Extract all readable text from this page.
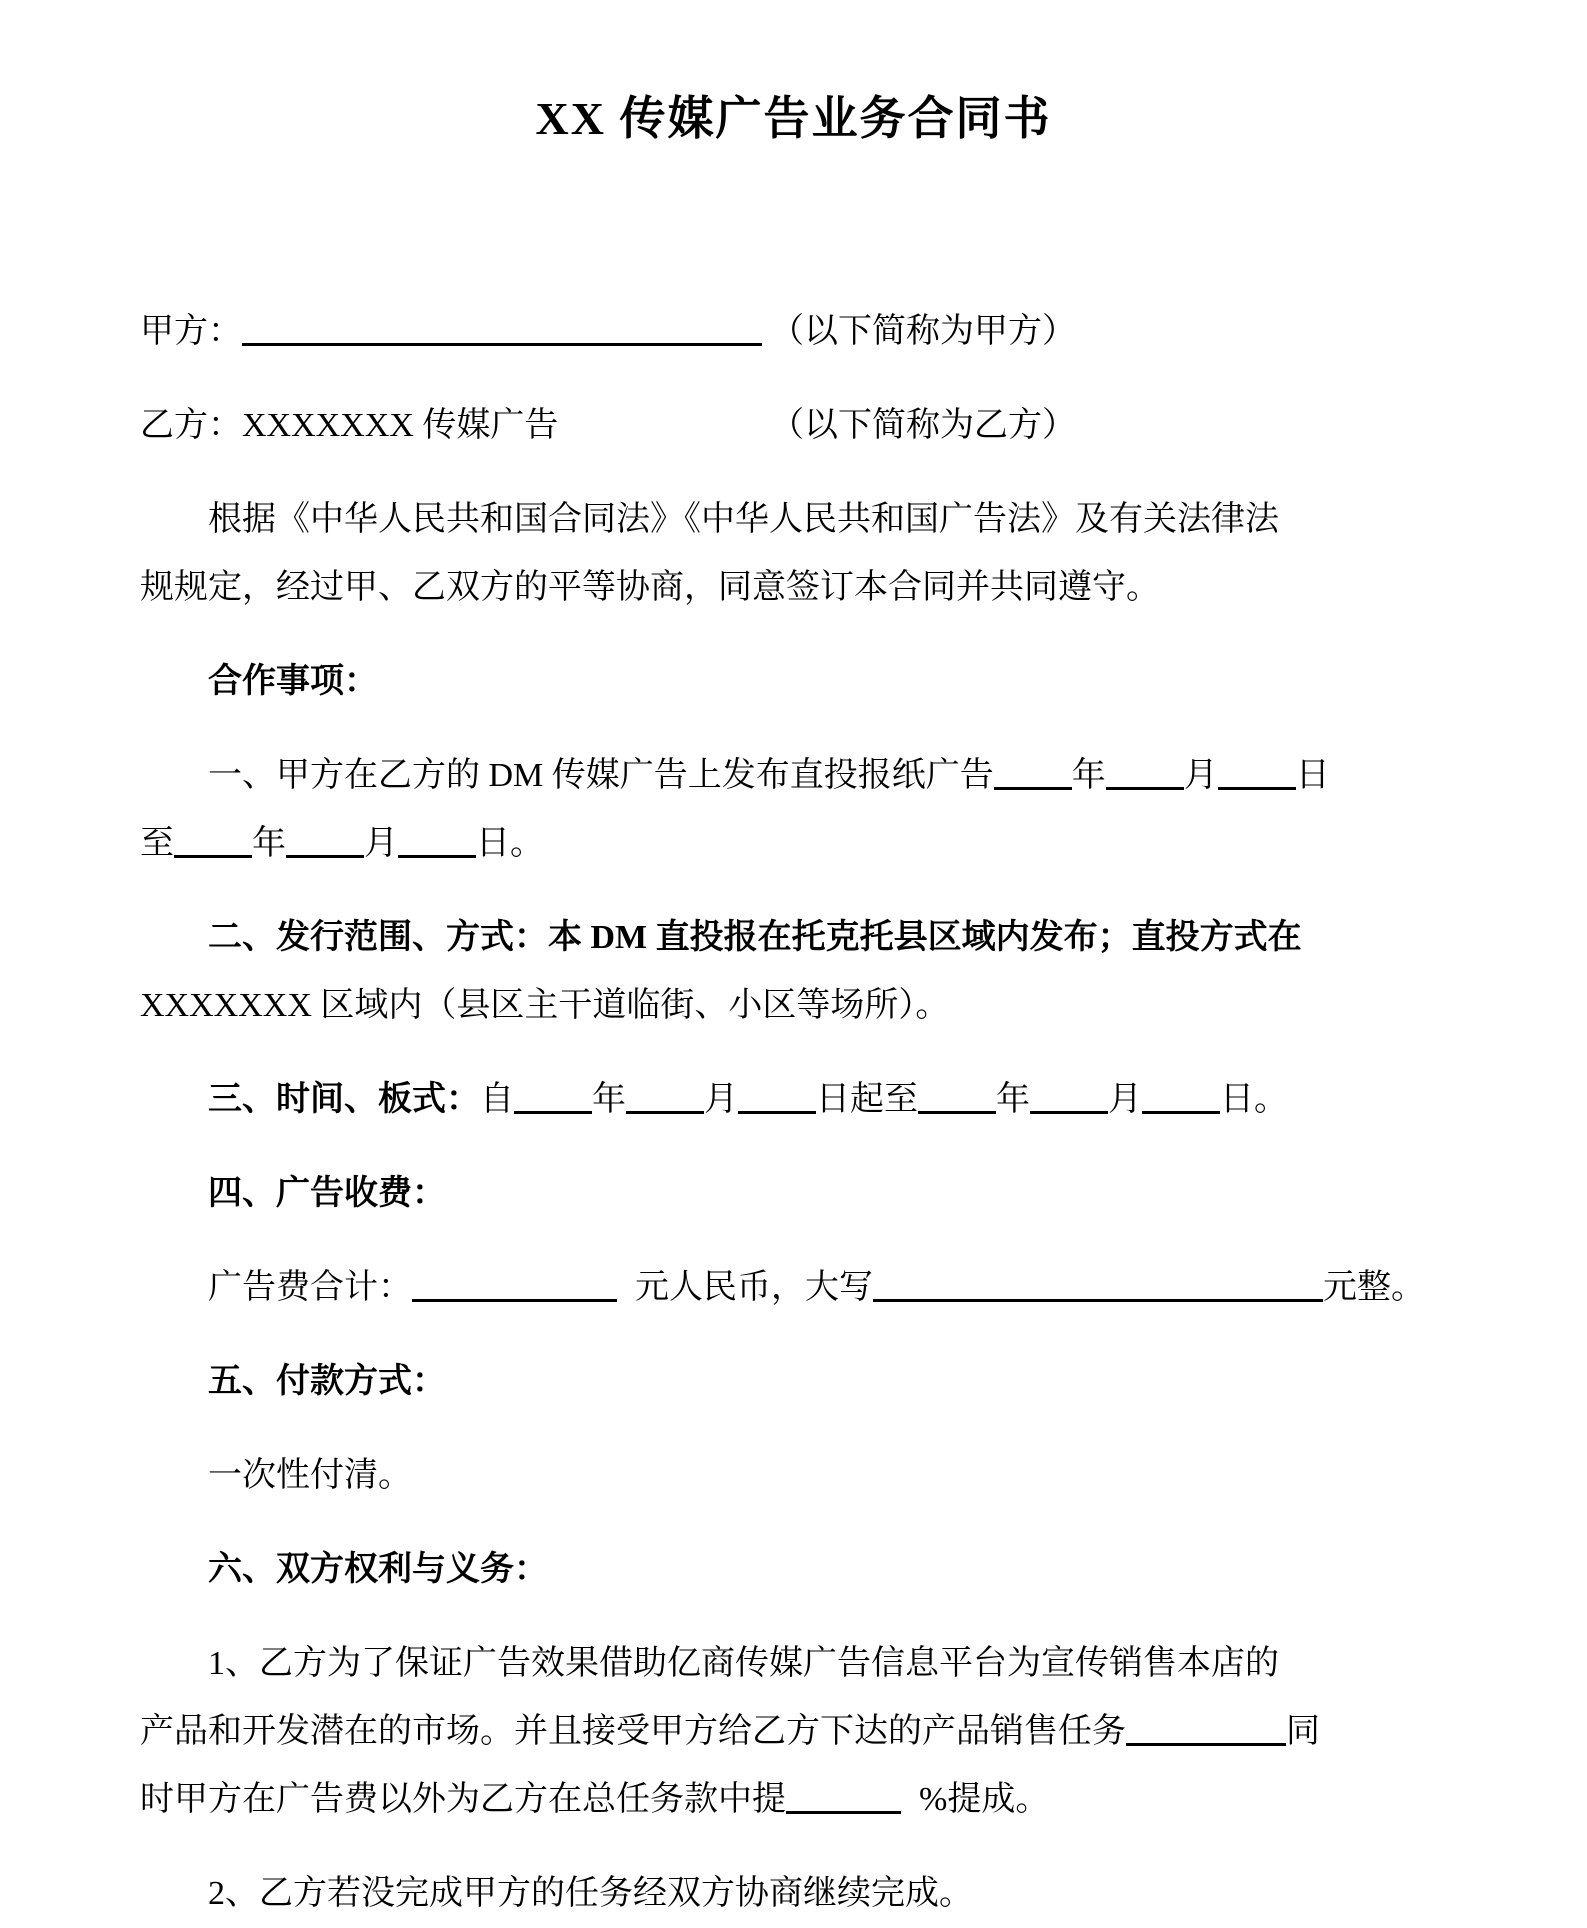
XX 传媒广告业务合同书
甲方：	（以下简称为甲方）
乙方：XXXXXXX 传媒广告	（以下简称为乙方）
根据《中华人民共和国合同法》《中华人民共和国广告法》及有关法律法
规规定，经过甲、乙双方的平等协商，同意签订本合同并共同遵守。
合作事项：
一、甲方在乙方的 DM 传媒广告上发布直投报纸广告 年 月 日
至 年 月 日。
二、发行范围、方式：本 DM 直投报在托克托县区域内发布；直投方式在
XXXXXXX 区域内（县区主干道临街、小区等场所）。
三、时间、板式：自 年 月 日起至 年 月 日。
四、广告收费：
广告费合计：	元人民币，大写	元整。
五、付款方式：
一次性付清。
六、双方权利与义务：
1、乙方为了保证广告效果借助亿商传媒广告信息平台为宣传销售本店的
产品和开发潜在的市场。并且接受甲方给乙方下达的产品销售任务	同
时甲方在广告费以外为乙方在总任务款中提	%提成。
2、乙方若没完成甲方的任务经双方协商继续完成。
